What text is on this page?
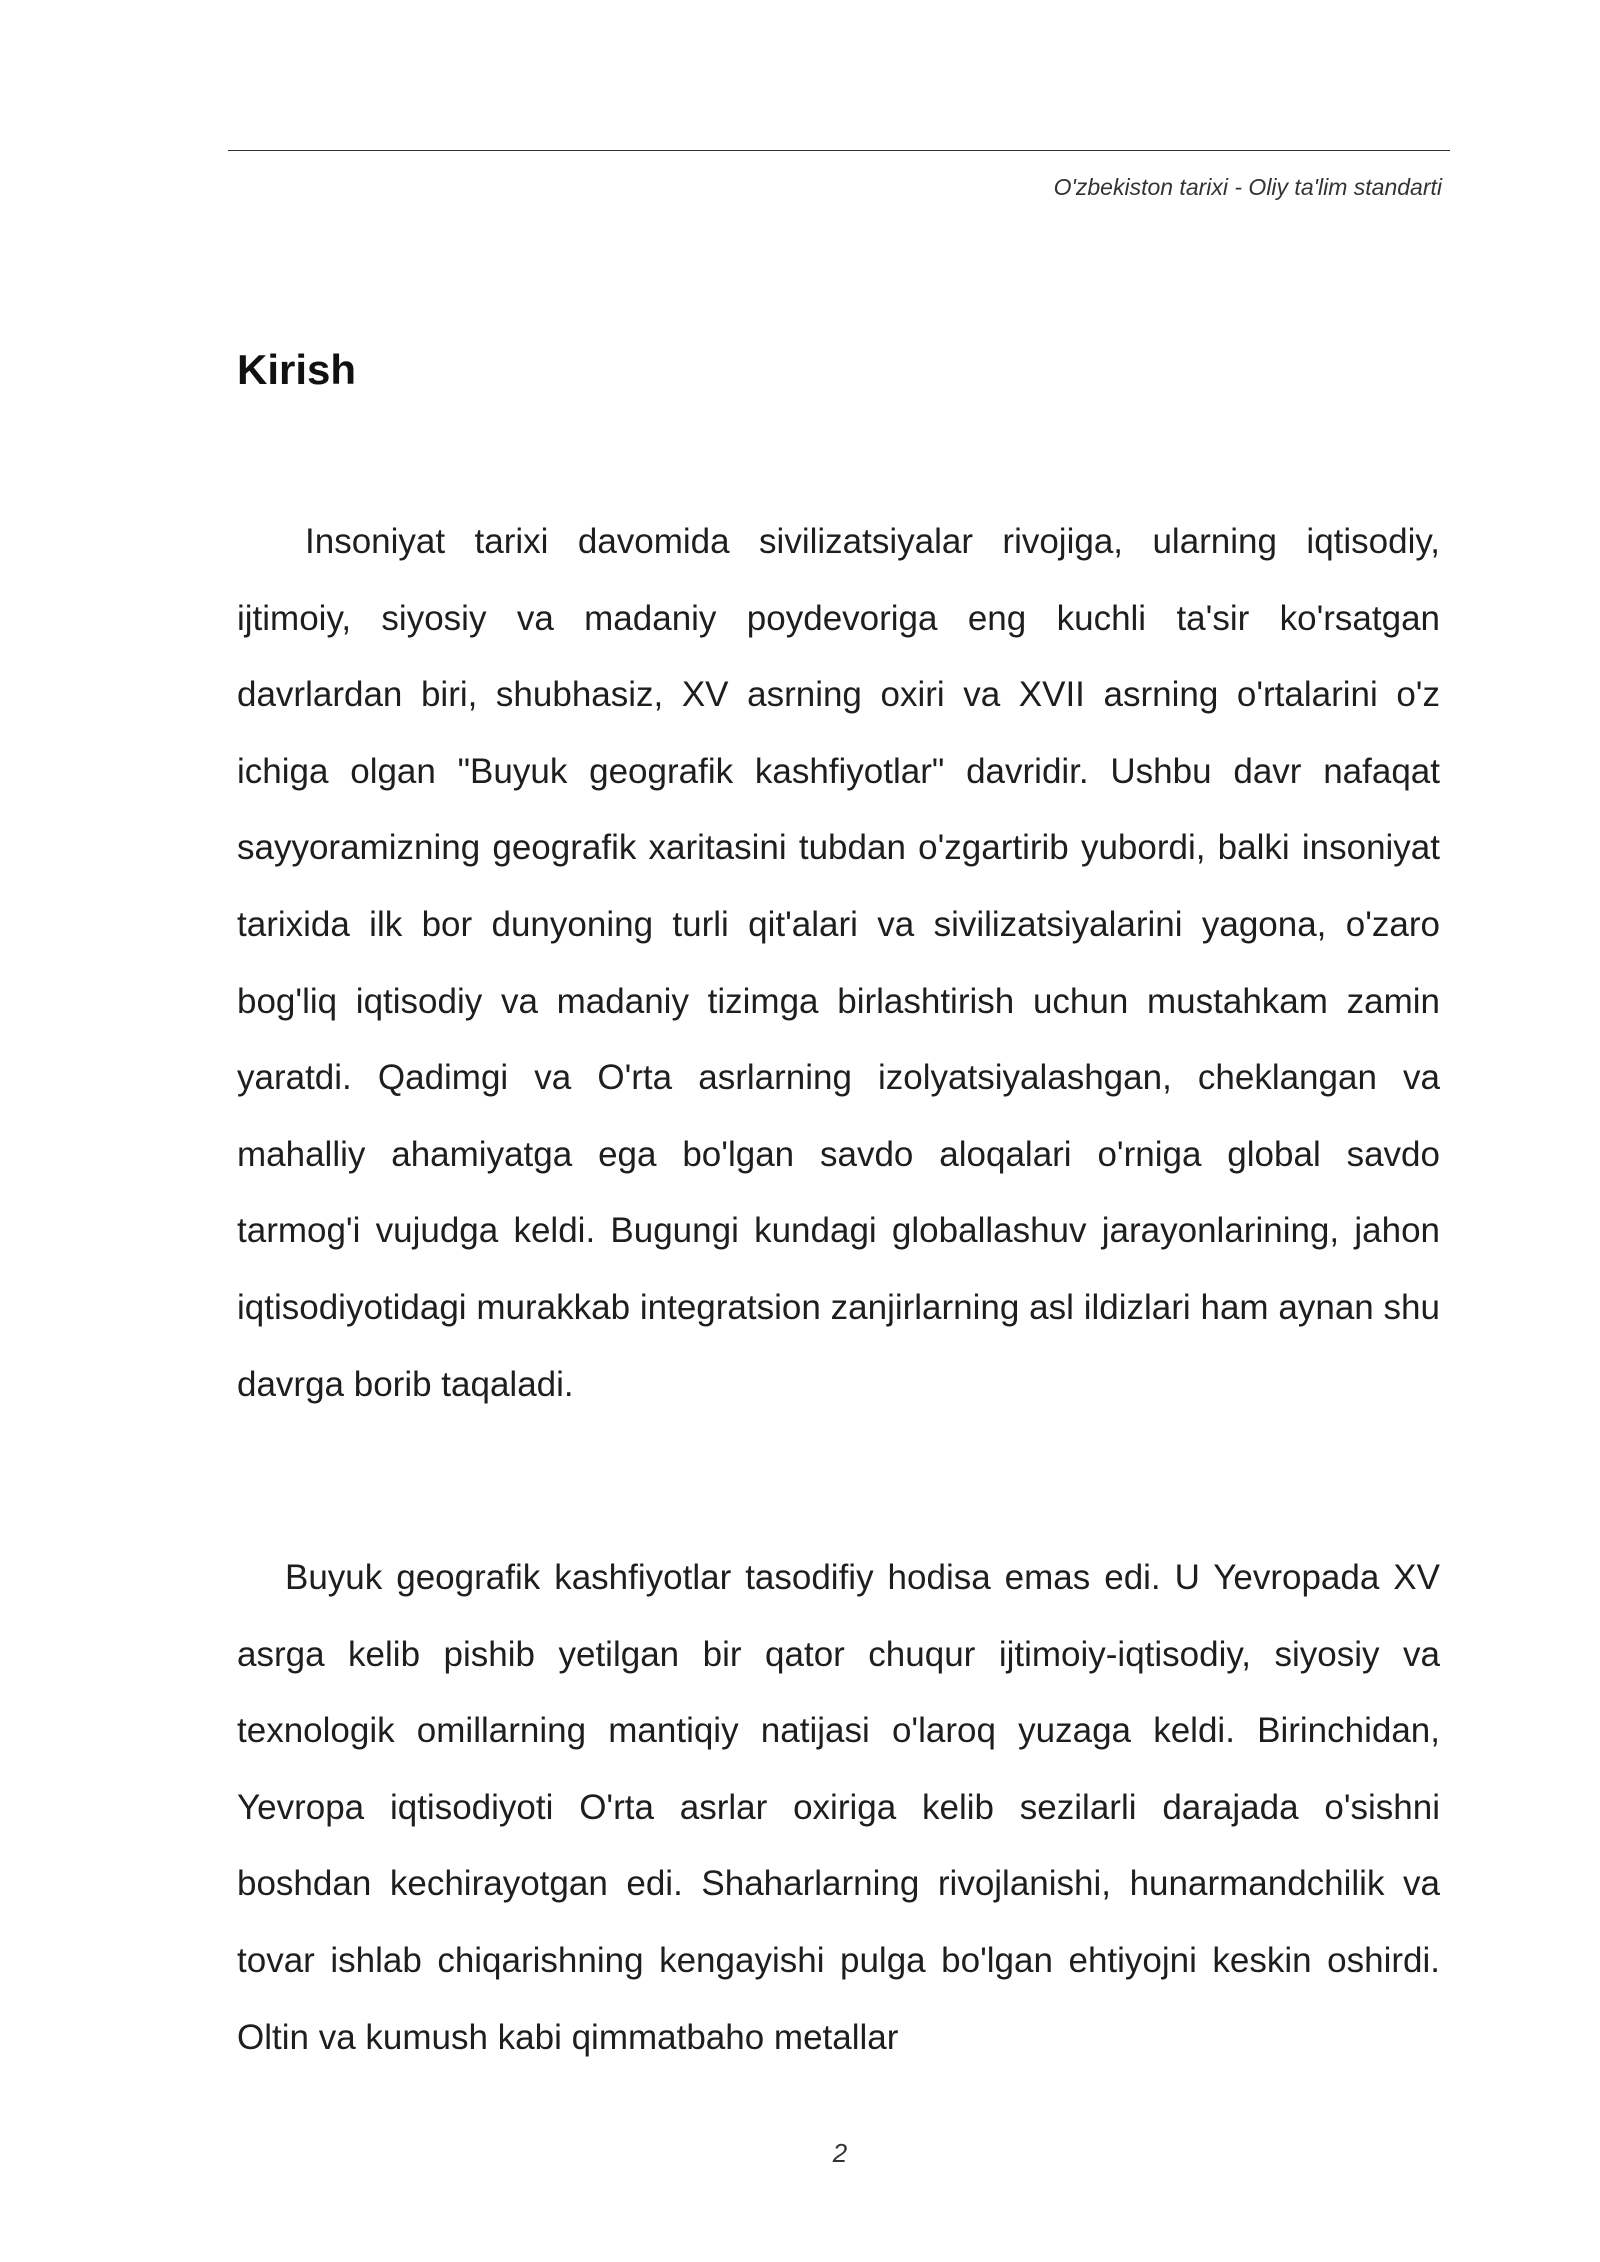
O'zbekiston tarixi - Oliy ta'lim standarti
Kirish

Insoniyat tarixi davomida sivilizatsiyalar rivojiga, ularning iqtisodiy, ijtimoiy, siyosiy va madaniy poydevoriga eng kuchli ta'sir ko'rsatgan davrlardan biri, shubhasiz, XV asrning oxiri va XVII asrning o'rtalarini o'z ichiga olgan "Buyuk geografik kashfiyotlar" davridir. Ushbu davr nafaqat sayyoramizning geografik xaritasini tubdan o'zgartirib yubordi, balki insoniyat tarixida ilk bor dunyoning turli qit'alari va sivilizatsiyalarini yagona, o'zaro bog'liq iqtisodiy va madaniy tizimga birlashtirish uchun mustahkam zamin yaratdi. Qadimgi va O'rta asrlarning izolyatsiyalashgan, cheklangan va mahalliy ahamiyatga ega bo'lgan savdo aloqalari o'rniga global savdo tarmog'i vujudga keldi. Bugungi kundagi globallashuv jarayonlarining, jahon iqtisodiyotidagi murakkab integratsion zanjirlarning asl ildizlari ham aynan shu davrga borib taqaladi.

Buyuk geografik kashfiyotlar tasodifiy hodisa emas edi. U Yevropada XV asrga kelib pishib yetilgan bir qator chuqur ijtimoiy-iqtisodiy, siyosiy va texnologik omillarning mantiqiy natijasi o'laroq yuzaga keldi. Birinchidan, Yevropa iqtisodiyoti O'rta asrlar oxiriga kelib sezilarli darajada o'sishni boshdan kechirayotgan edi. Shaharlarning rivojlanishi, hunarmandchilik va tovar ishlab chiqarishning kengayishi pulga bo'lgan ehtiyojni keskin oshirdi. Oltin va kumush kabi qimmatbaho metallar

2
